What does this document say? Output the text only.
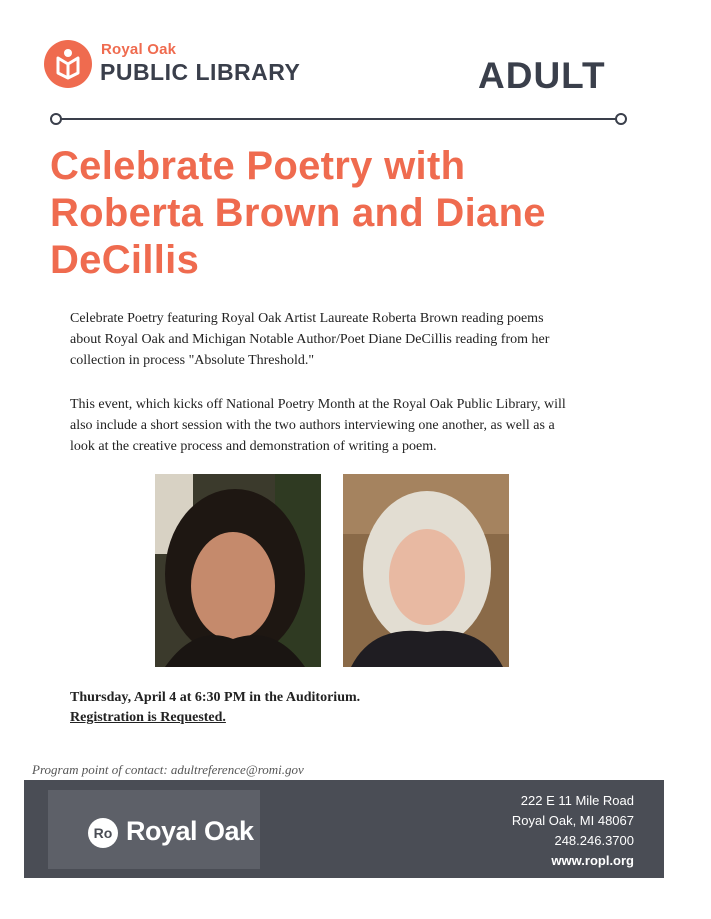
Royal Oak
PUBLIC LIBRARY	ADULT
Celebrate Poetry with
Roberta Brown and Diane
DeCillis
Celebrate Poetry featuring Royal Oak Artist Laureate Roberta Brown reading poems
about Royal Oak and Michigan Notable Author/Poet Diane DeCillis reading from her
collection in process "Absolute Threshold."
This event, which kicks off National Poetry Month at the Royal Oak Public Library, will
also include a short session with the two authors interviewing one another, as well as a
look at the creative process and demonstration of writing a poem.
Thursday, April 4 at 6:30 PM in the Auditorium.
Registration is Requested.
Program point of contact: adultreference@romi.gov
Ro Royal Oak
222 E 11 Mile Road
Royal Oak, MI 48067
248.246.3700
www.ropl.org
